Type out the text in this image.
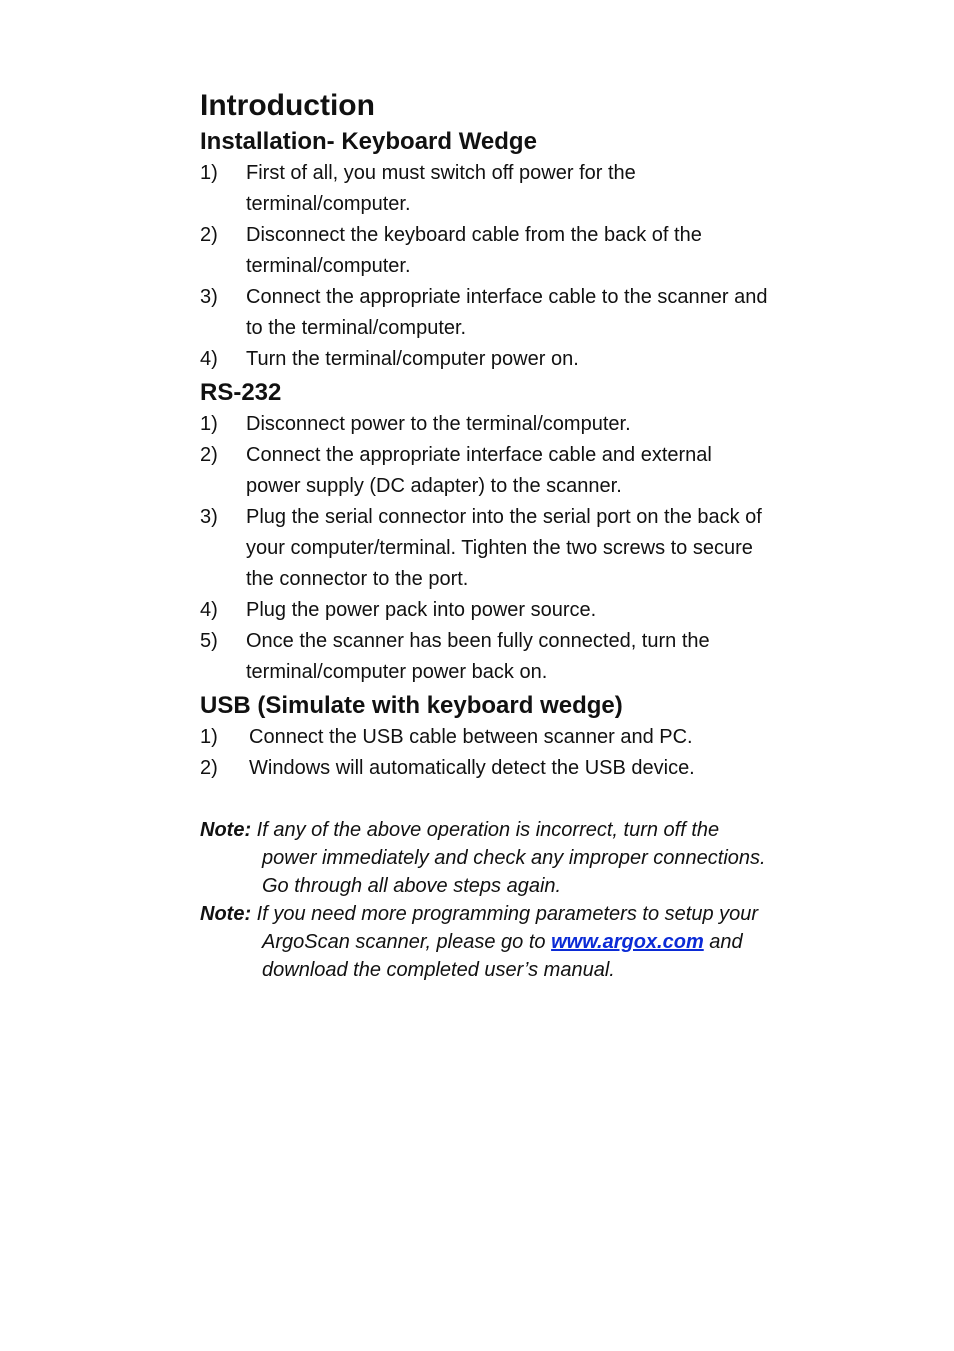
Introduction
Installation- Keyboard Wedge
1)	First of all, you must switch off power for the terminal/computer.
2)	Disconnect the keyboard cable from the back of the terminal/computer.
3)	Connect the appropriate interface cable to the scanner and to the terminal/computer.
4)	Turn the terminal/computer power on.
RS-232
1)	Disconnect power to the terminal/computer.
2)	Connect the appropriate interface cable and external power supply (DC adapter) to the scanner.
3)	Plug the serial connector into the serial port on the back of your computer/terminal. Tighten the two screws to secure the connector to the port.
4)	Plug the power pack into power source.
5)	Once the scanner has been fully connected, turn the terminal/computer power back on.
USB (Simulate with keyboard wedge)
1)	Connect the USB cable between scanner and PC.
2)	Windows will automatically detect the USB device.
Note: If any of the above operation is incorrect, turn off the power immediately and check any improper connections. Go through all above steps again.
Note: If you need more programming parameters to setup your ArgoScan scanner, please go to www.argox.com and download the completed user’s manual.
